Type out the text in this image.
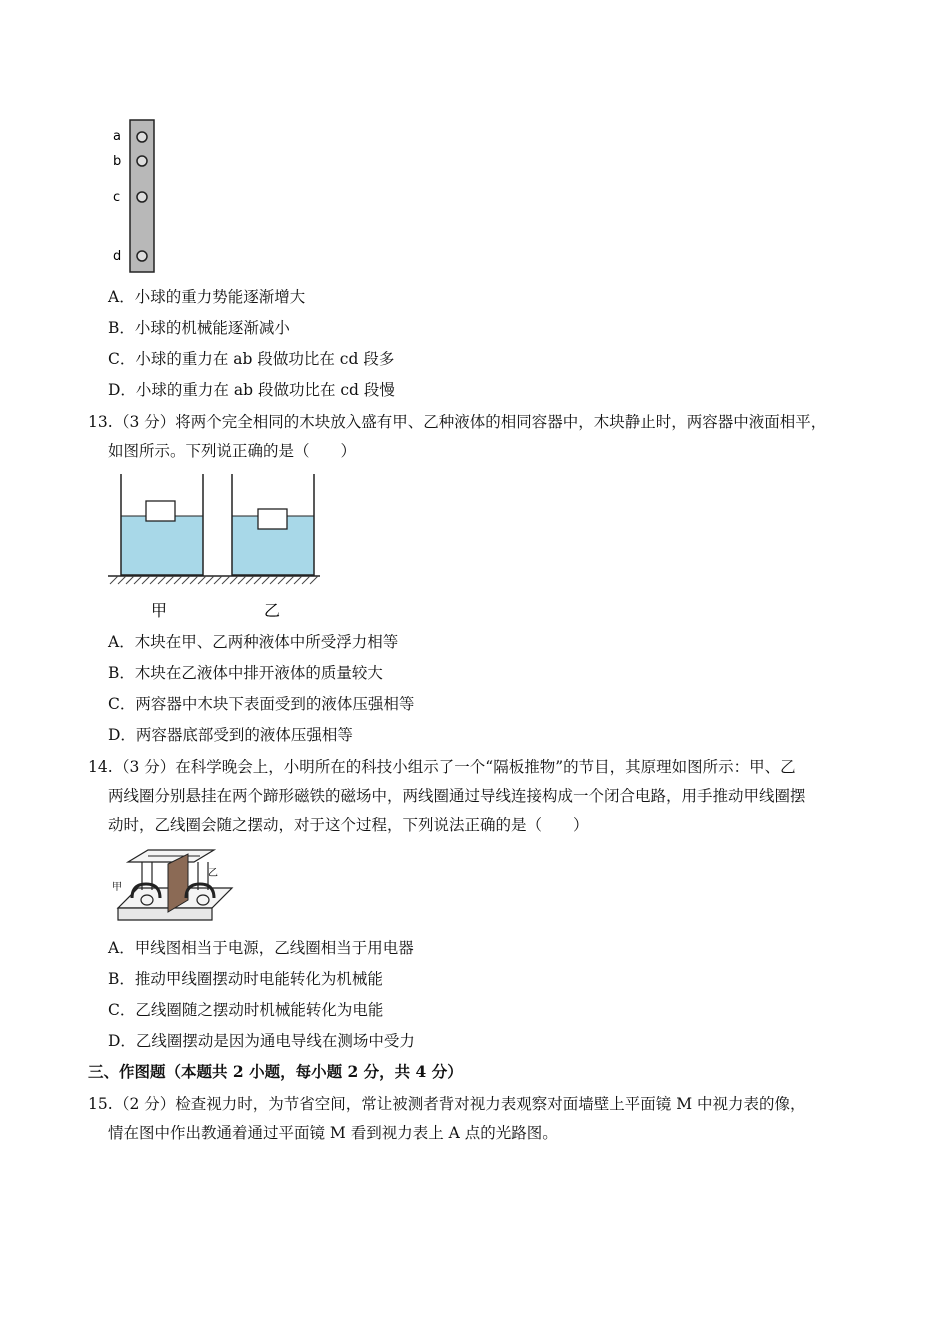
a
b
c
d
A．小球的重力势能逐渐增大
B．小球的机械能逐渐减小
C．小球的重力在 ab 段做功比在 cd 段多
D．小球的重力在 ab 段做功比在 cd 段慢
13. （3 分）将两个完全相同的木块放入盛有甲、乙种液体的相同容器中，木块静止时，两容器中液面相平，
如图所示。下列说正确的是（　　）
甲	乙
A．木块在甲、乙两种液体中所受浮力相等
B．木块在乙液体中排开液体的质量较大
C．两容器中木块下表面受到的液体压强相等
D．两容器底部受到的液体压强相等
14. （3 分）在科学晚会上，小明所在的科技小组示了一个“隔板推物”的节目，其原理如图所示：甲、乙
两线圈分别悬挂在两个蹄形磁铁的磁场中，两线圈通过导线连接构成一个闭合电路，用手推动甲线圈摆
动时，乙线圈会随之摆动，对于这个过程，下列说法正确的是（　　）
甲
乙
A．甲线图相当于电源，乙线圈相当于用电器
B．推动甲线圈摆动时电能转化为机械能
C．乙线圈随之摆动时机械能转化为电能
D．乙线圈摆动是因为通电导线在测场中受力
三、作图题（本题共 2 小题，每小题 2 分，共 4 分）
15. （2 分）检查视力时，为节省空间，常让被测者背对视力表观察对面墙壁上平面镜 M 中视力表的像，
情在图中作出教通着通过平面镜 M 看到视力表上 A 点的光路图。
